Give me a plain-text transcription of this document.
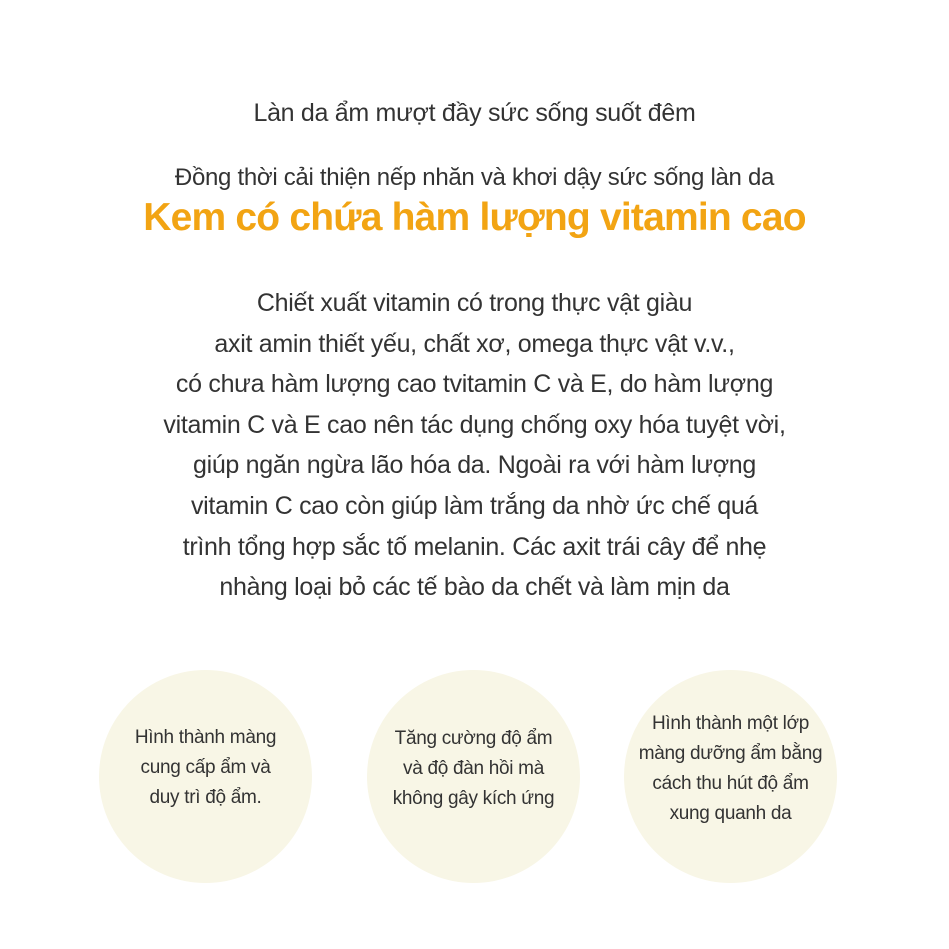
Làn da ẩm mượt đầy sức sống suốt đêm
Đồng thời cải thiện nếp nhăn và khơi dậy sức sống làn da
Kem có chứa hàm lượng vitamin cao
Chiết xuất vitamin có trong thực vật giàu
axit amin thiết yếu, chất xơ, omega thực vật v.v.,
có chưa hàm lượng cao tvitamin C và E, do hàm lượng
vitamin C và E cao nên tác dụng chống oxy hóa tuyệt vời,
giúp ngăn ngừa lão hóa da. Ngoài ra với hàm lượng
vitamin C cao còn giúp làm trắng da nhờ ức chế quá
trình tổng hợp sắc tố melanin. Các axit trái cây để nhẹ
nhàng loại bỏ các tế bào da chết và làm mịn da
Hình thành màng
cung cấp ẩm và
duy trì độ ẩm.
Tăng cường độ ẩm
và độ đàn hồi mà
không gây kích ứng
Hình thành một lớp
màng dưỡng ẩm bằng
cách thu hút độ ẩm
xung quanh da
